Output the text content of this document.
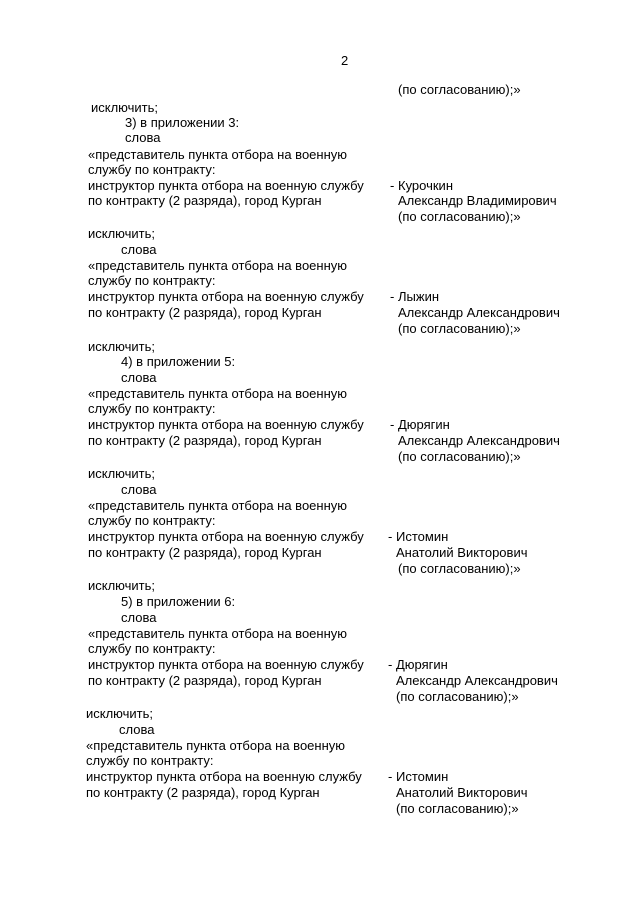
2
(по согласованию);»
исключить;
3) в приложении 3:
слова
«представитель пункта отбора на военную
службу по контракту:
инструктор пункта отбора на военную службу
по контракту (2 разряда), город Курган
- Курочкин
Александр Владимирович
(по согласованию);»
исключить;
слова
«представитель пункта отбора на военную
службу по контракту:
инструктор пункта отбора на военную службу
по контракту (2 разряда), город Курган
- Лыжин
Александр Александрович
(по согласованию);»
исключить;
4) в приложении 5:
слова
«представитель пункта отбора на военную
службу по контракту:
инструктор пункта отбора на военную службу
по контракту (2 разряда), город Курган
- Дюрягин
Александр Александрович
(по согласованию);»
исключить;
слова
«представитель пункта отбора на военную
службу по контракту:
инструктор пункта отбора на военную службу
по контракту (2 разряда), город Курган
- Истомин
Анатолий Викторович
(по согласованию);»
исключить;
5) в приложении 6:
слова
«представитель пункта отбора на военную
службу по контракту:
инструктор пункта отбора на военную службу
по контракту (2 разряда), город Курган
- Дюрягин
Александр Александрович
(по согласованию);»
исключить;
слова
«представитель пункта отбора на военную
службу по контракту:
инструктор пункта отбора на военную службу
по контракту (2 разряда), город Курган
- Истомин
Анатолий Викторович
(по согласованию);»
